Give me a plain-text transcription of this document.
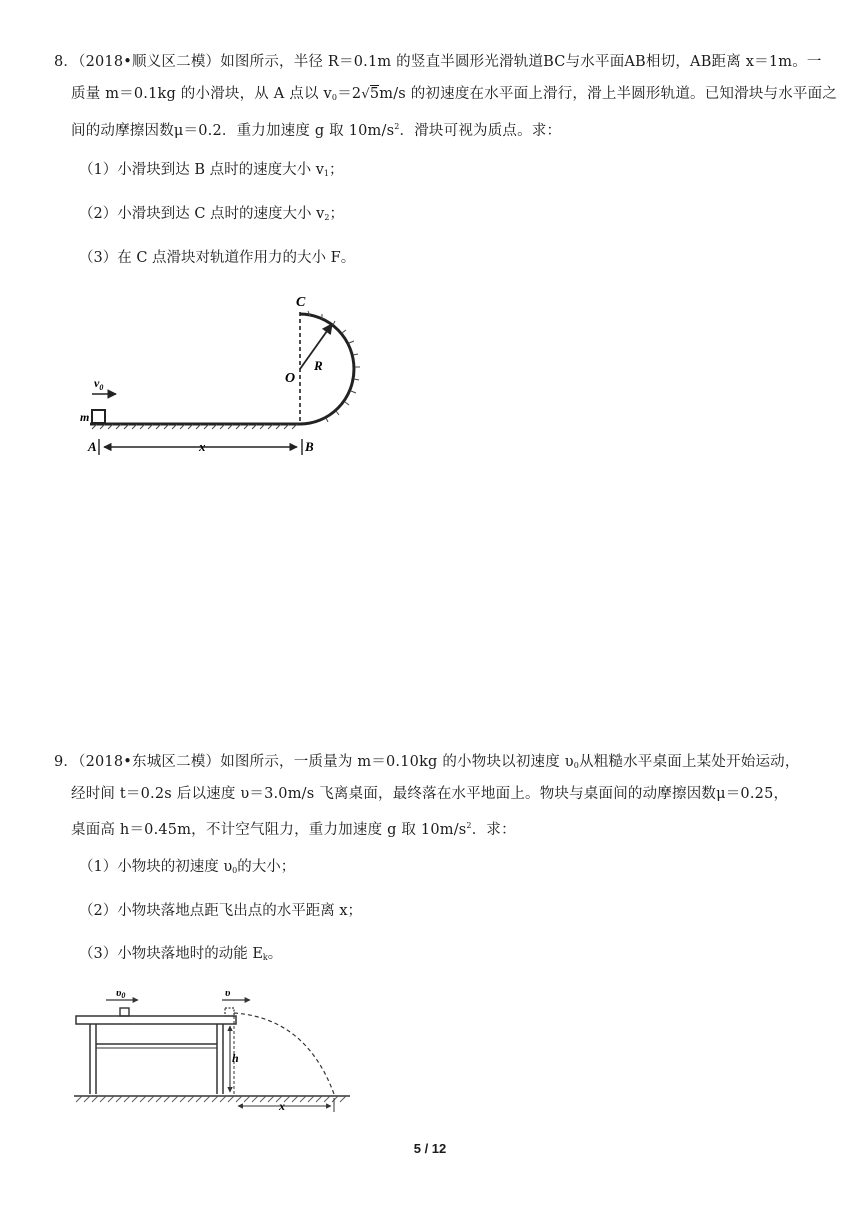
8．（2018•顺义区二模）如图所示，半径 R＝0.1m 的竖直半圆形光滑轨道BC与水平面AB相切，AB距离 x＝1m。一
质量 m＝0.1kg 的小滑块，从 A 点以 v0＝2√5m/s 的初速度在水平面上滑行，滑上半圆形轨道。已知滑块与水平面之
间的动摩擦因数μ＝0.2．重力加速度 g 取 $10m/s^2$．滑块可视为质点。求：
（1）小滑块到达 B 点时的速度大小 v1；
（2）小滑块到达 C 点时的速度大小 v2；
（3）在 C 点滑块对轨道作用力的大小 F。
C
O
R
$v_0$
m
A	x	B
9．（2018•东城区二模）如图所示，一质量为 m＝0.10kg 的小物块以初速度 υ0从粗糙水平桌面上某处开始运动，
经时间 t＝0.2s 后以速度 υ＝3.0m/s 飞离桌面，最终落在水平地面上。物块与桌面间的动摩擦因数μ＝0.25，
桌面高 h＝0.45m，不计空气阻力，重力加速度 g 取 $10m/s^2$．求：
（1）小物块的初速度 υ0的大小；
（2）小物块落地点距飞出点的水平距离 x；
（3）小物块落地时的动能 Ek。
υ0	υ
h
x
5 / 12
